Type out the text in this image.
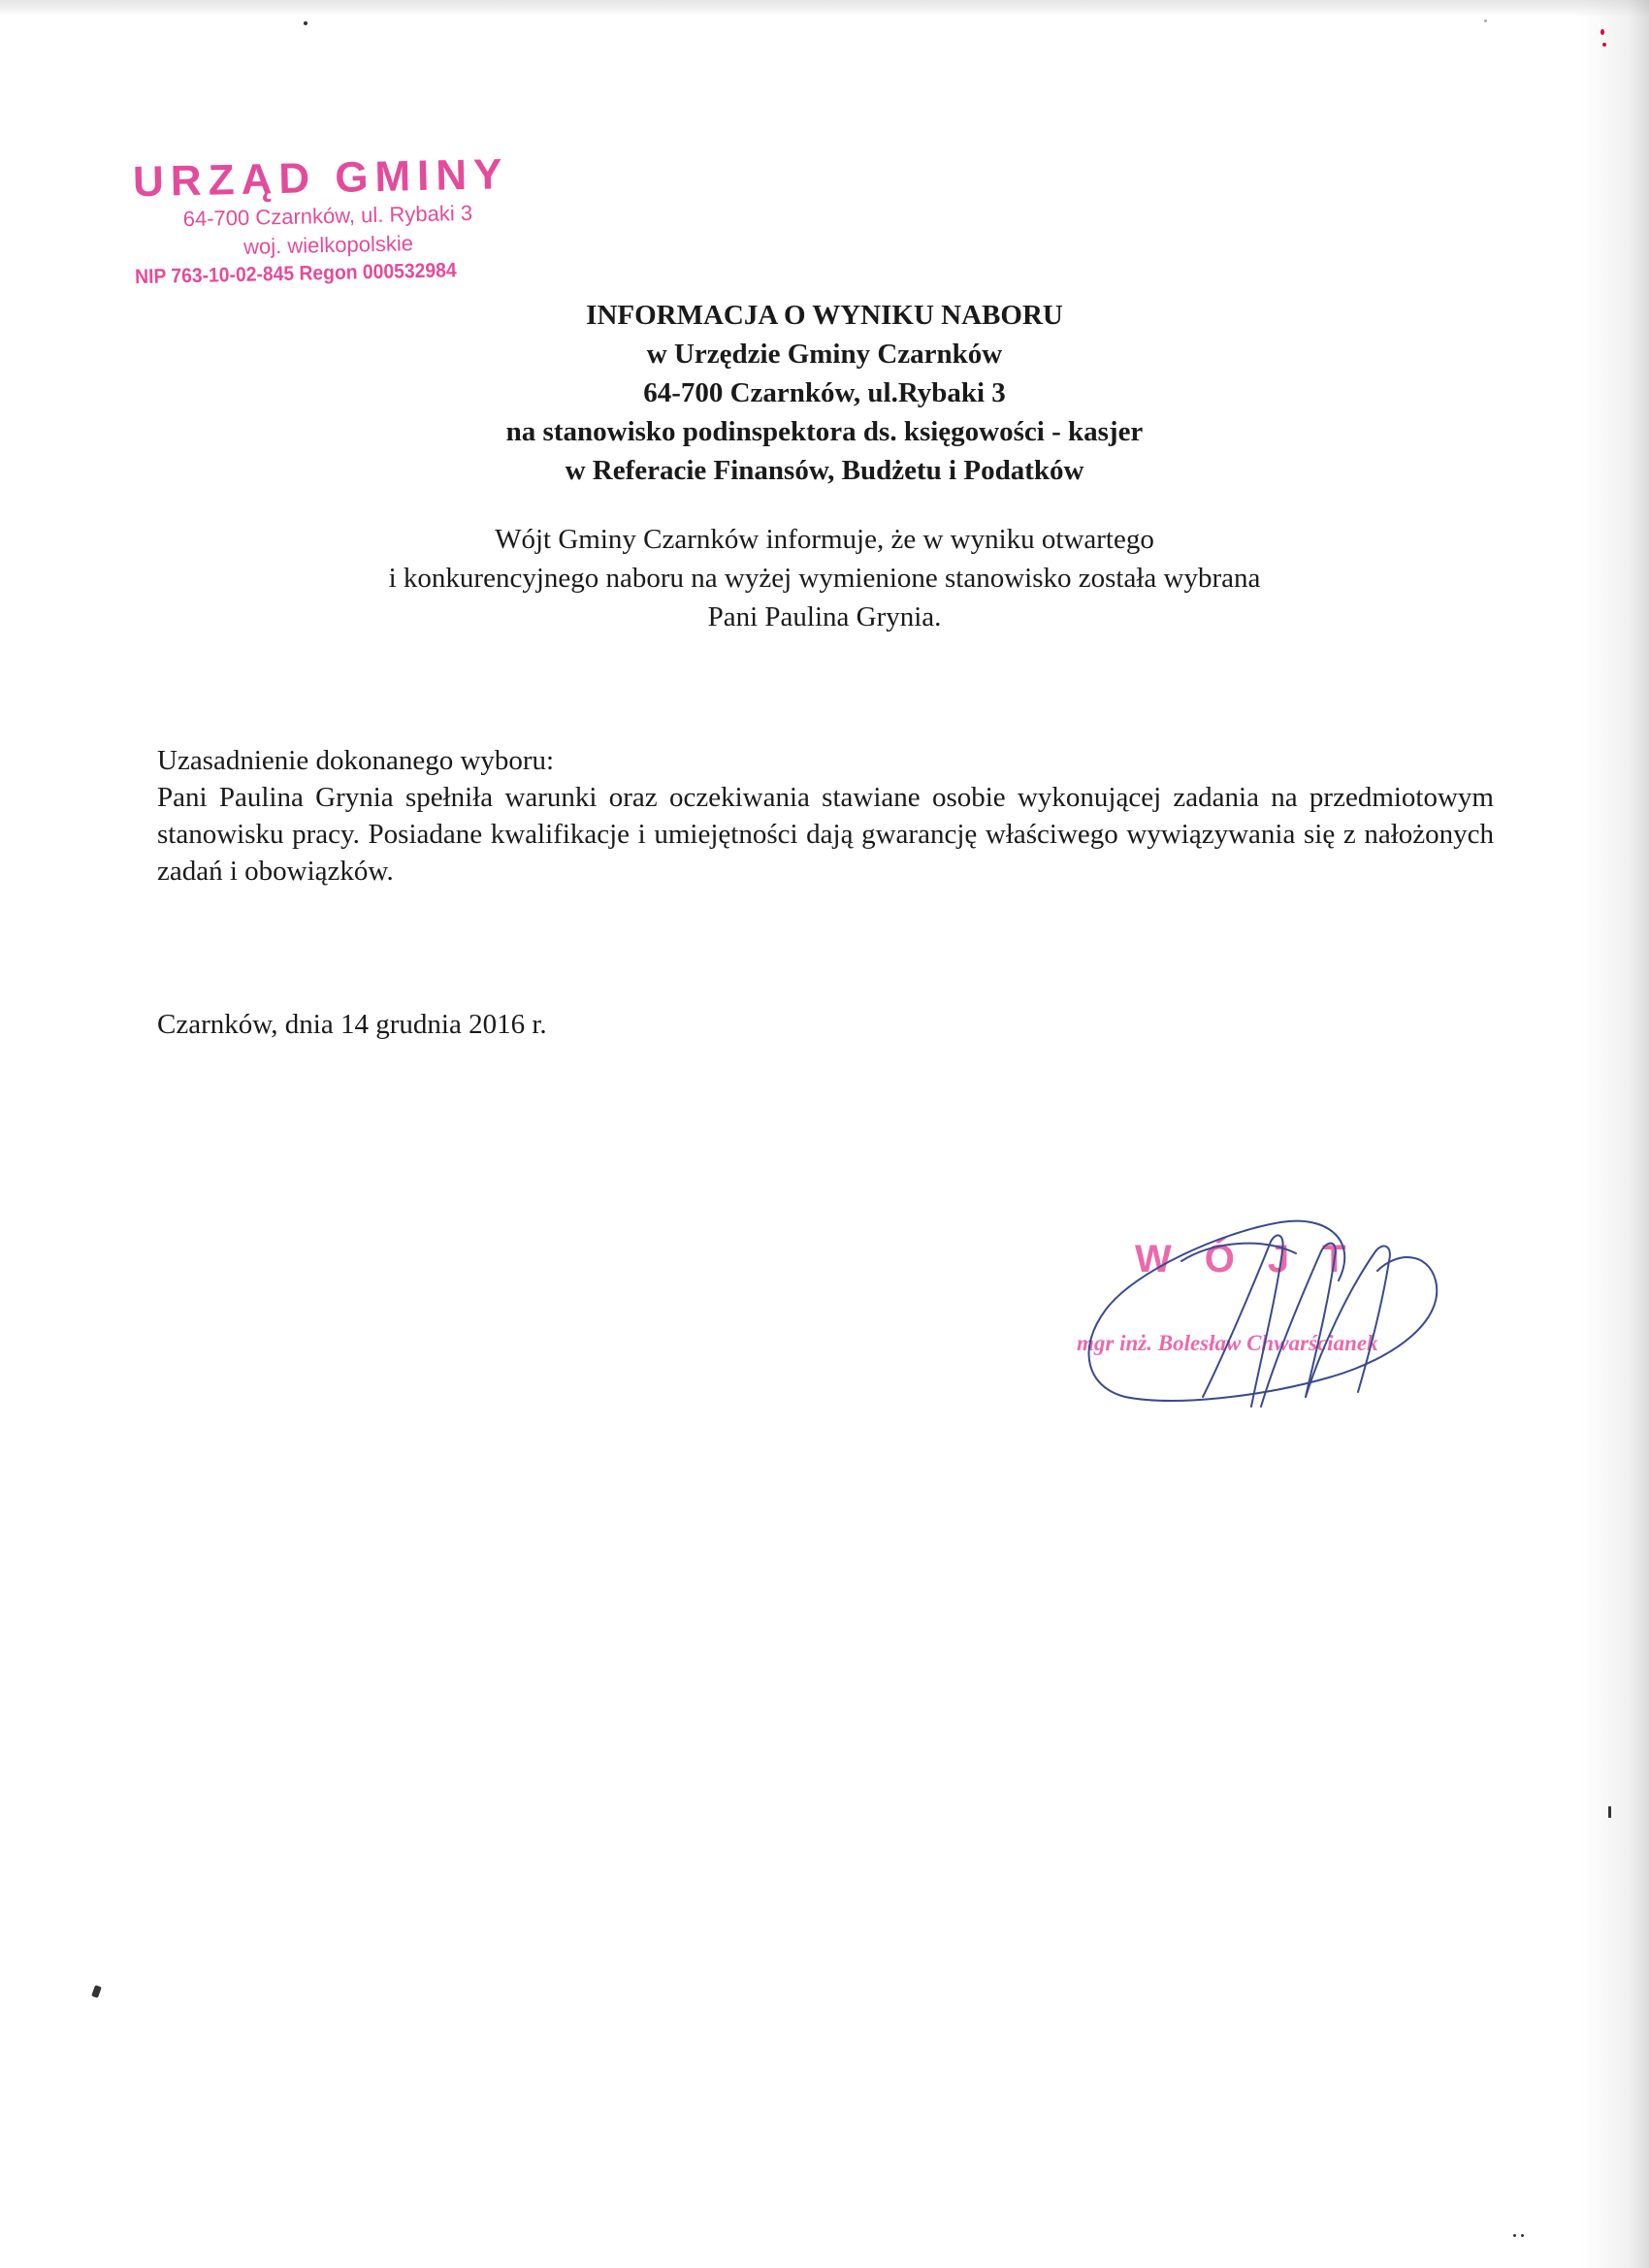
URZĄD GMINY
64-700 Czarnków, ul. Rybaki 3
woj. wielkopolskie
NIP 763-10-02-845 Regon 000532984
INFORMACJA O WYNIKU NABORU
w Urzędzie Gminy Czarnków
64-700 Czarnków, ul.Rybaki 3
na stanowisko podinspektora ds. księgowości - kasjer
w Referacie Finansów, Budżetu i Podatków
Wójt Gminy Czarnków informuje, że w wyniku otwartego
i konkurencyjnego naboru na wyżej wymienione stanowisko została wybrana
Pani Paulina Grynia.
Uzasadnienie dokonanego wyboru:
Pani Paulina Grynia spełniła warunki oraz oczekiwania stawiane osobie wykonującej zadania na przedmiotowym stanowisku pracy. Posiadane kwalifikacje i umiejętności dają gwarancję właściwego wywiązywania się z nałożonych zadań i obowiązków.
Czarnków, dnia 14 grudnia 2016 r.
WÓJT
mgr inż. Bolesław Chwarścianek
